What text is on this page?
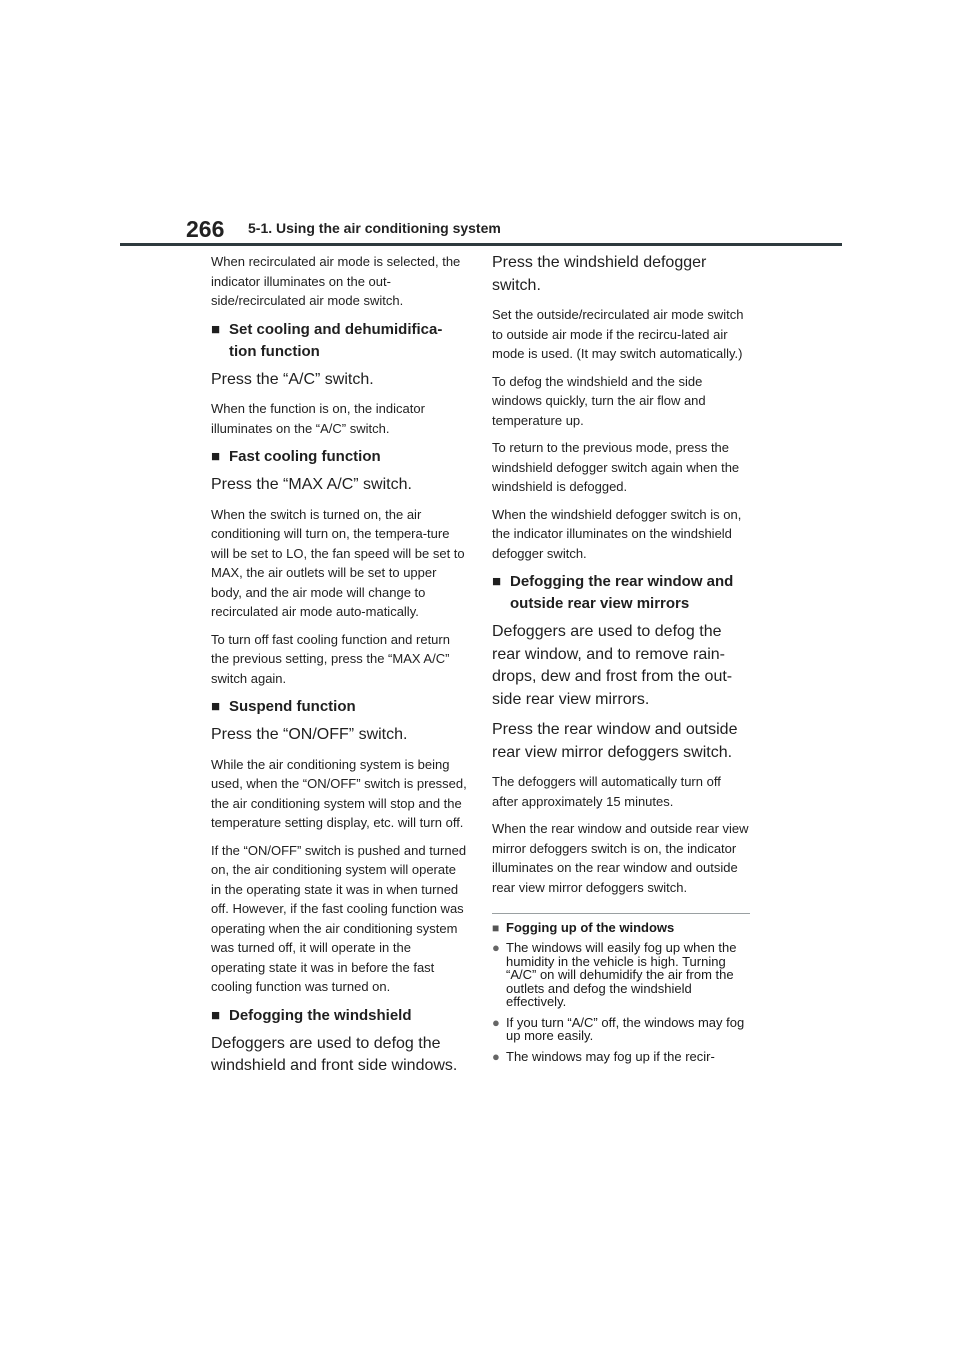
266 5-1. Using the air conditioning system

When recirculated air mode is selected, the indicator illuminates on the out-side/recirculated air mode switch.

■ Set cooling and dehumidifica-tion function

Press the “A/C” switch.

When the function is on, the indicator illuminates on the “A/C” switch.

■ Fast cooling function

Press the “MAX A/C” switch.

When the switch is turned on, the air conditioning will turn on, the tempera-ture will be set to LO, the fan speed will be set to MAX, the air outlets will be set to upper body, and the air mode will change to recirculated air mode auto-matically.

To turn off fast cooling function and return the previous setting, press the “MAX A/C” switch again.

■ Suspend function

Press the “ON/OFF” switch.

While the air conditioning system is being used, when the “ON/OFF” switch is pressed, the air conditioning system will stop and the temperature setting display, etc. will turn off.

If the “ON/OFF” switch is pushed and turned on, the air conditioning system will operate in the operating state it was in when turned off. However, if the fast cooling function was operating when the air conditioning system was turned off, it will operate in the operating state it was in before the fast cooling function was turned on.

■ Defogging the windshield

Defoggers are used to defog the windshield and front side windows.

Press the windshield defogger switch.

Set the outside/recirculated air mode switch to outside air mode if the recircu-lated air mode is used. (It may switch automatically.)

To defog the windshield and the side windows quickly, turn the air flow and temperature up.

To return to the previous mode, press the windshield defogger switch again when the windshield is defogged.

When the windshield defogger switch is on, the indicator illuminates on the windshield defogger switch.

■ Defogging the rear window and outside rear view mirrors

Defoggers are used to defog the rear window, and to remove rain-drops, dew and frost from the out-side rear view mirrors.

Press the rear window and outside rear view mirror defoggers switch.

The defoggers will automatically turn off after approximately 15 minutes.

When the rear window and outside rear view mirror defoggers switch is on, the indicator illuminates on the rear window and outside rear view mirror defoggers switch.

■ Fogging up of the windows
● The windows will easily fog up when the humidity in the vehicle is high. Turning “A/C” on will dehumidify the air from the outlets and defog the windshield effectively.
● If you turn “A/C” off, the windows may fog up more easily.
● The windows may fog up if the recir-
